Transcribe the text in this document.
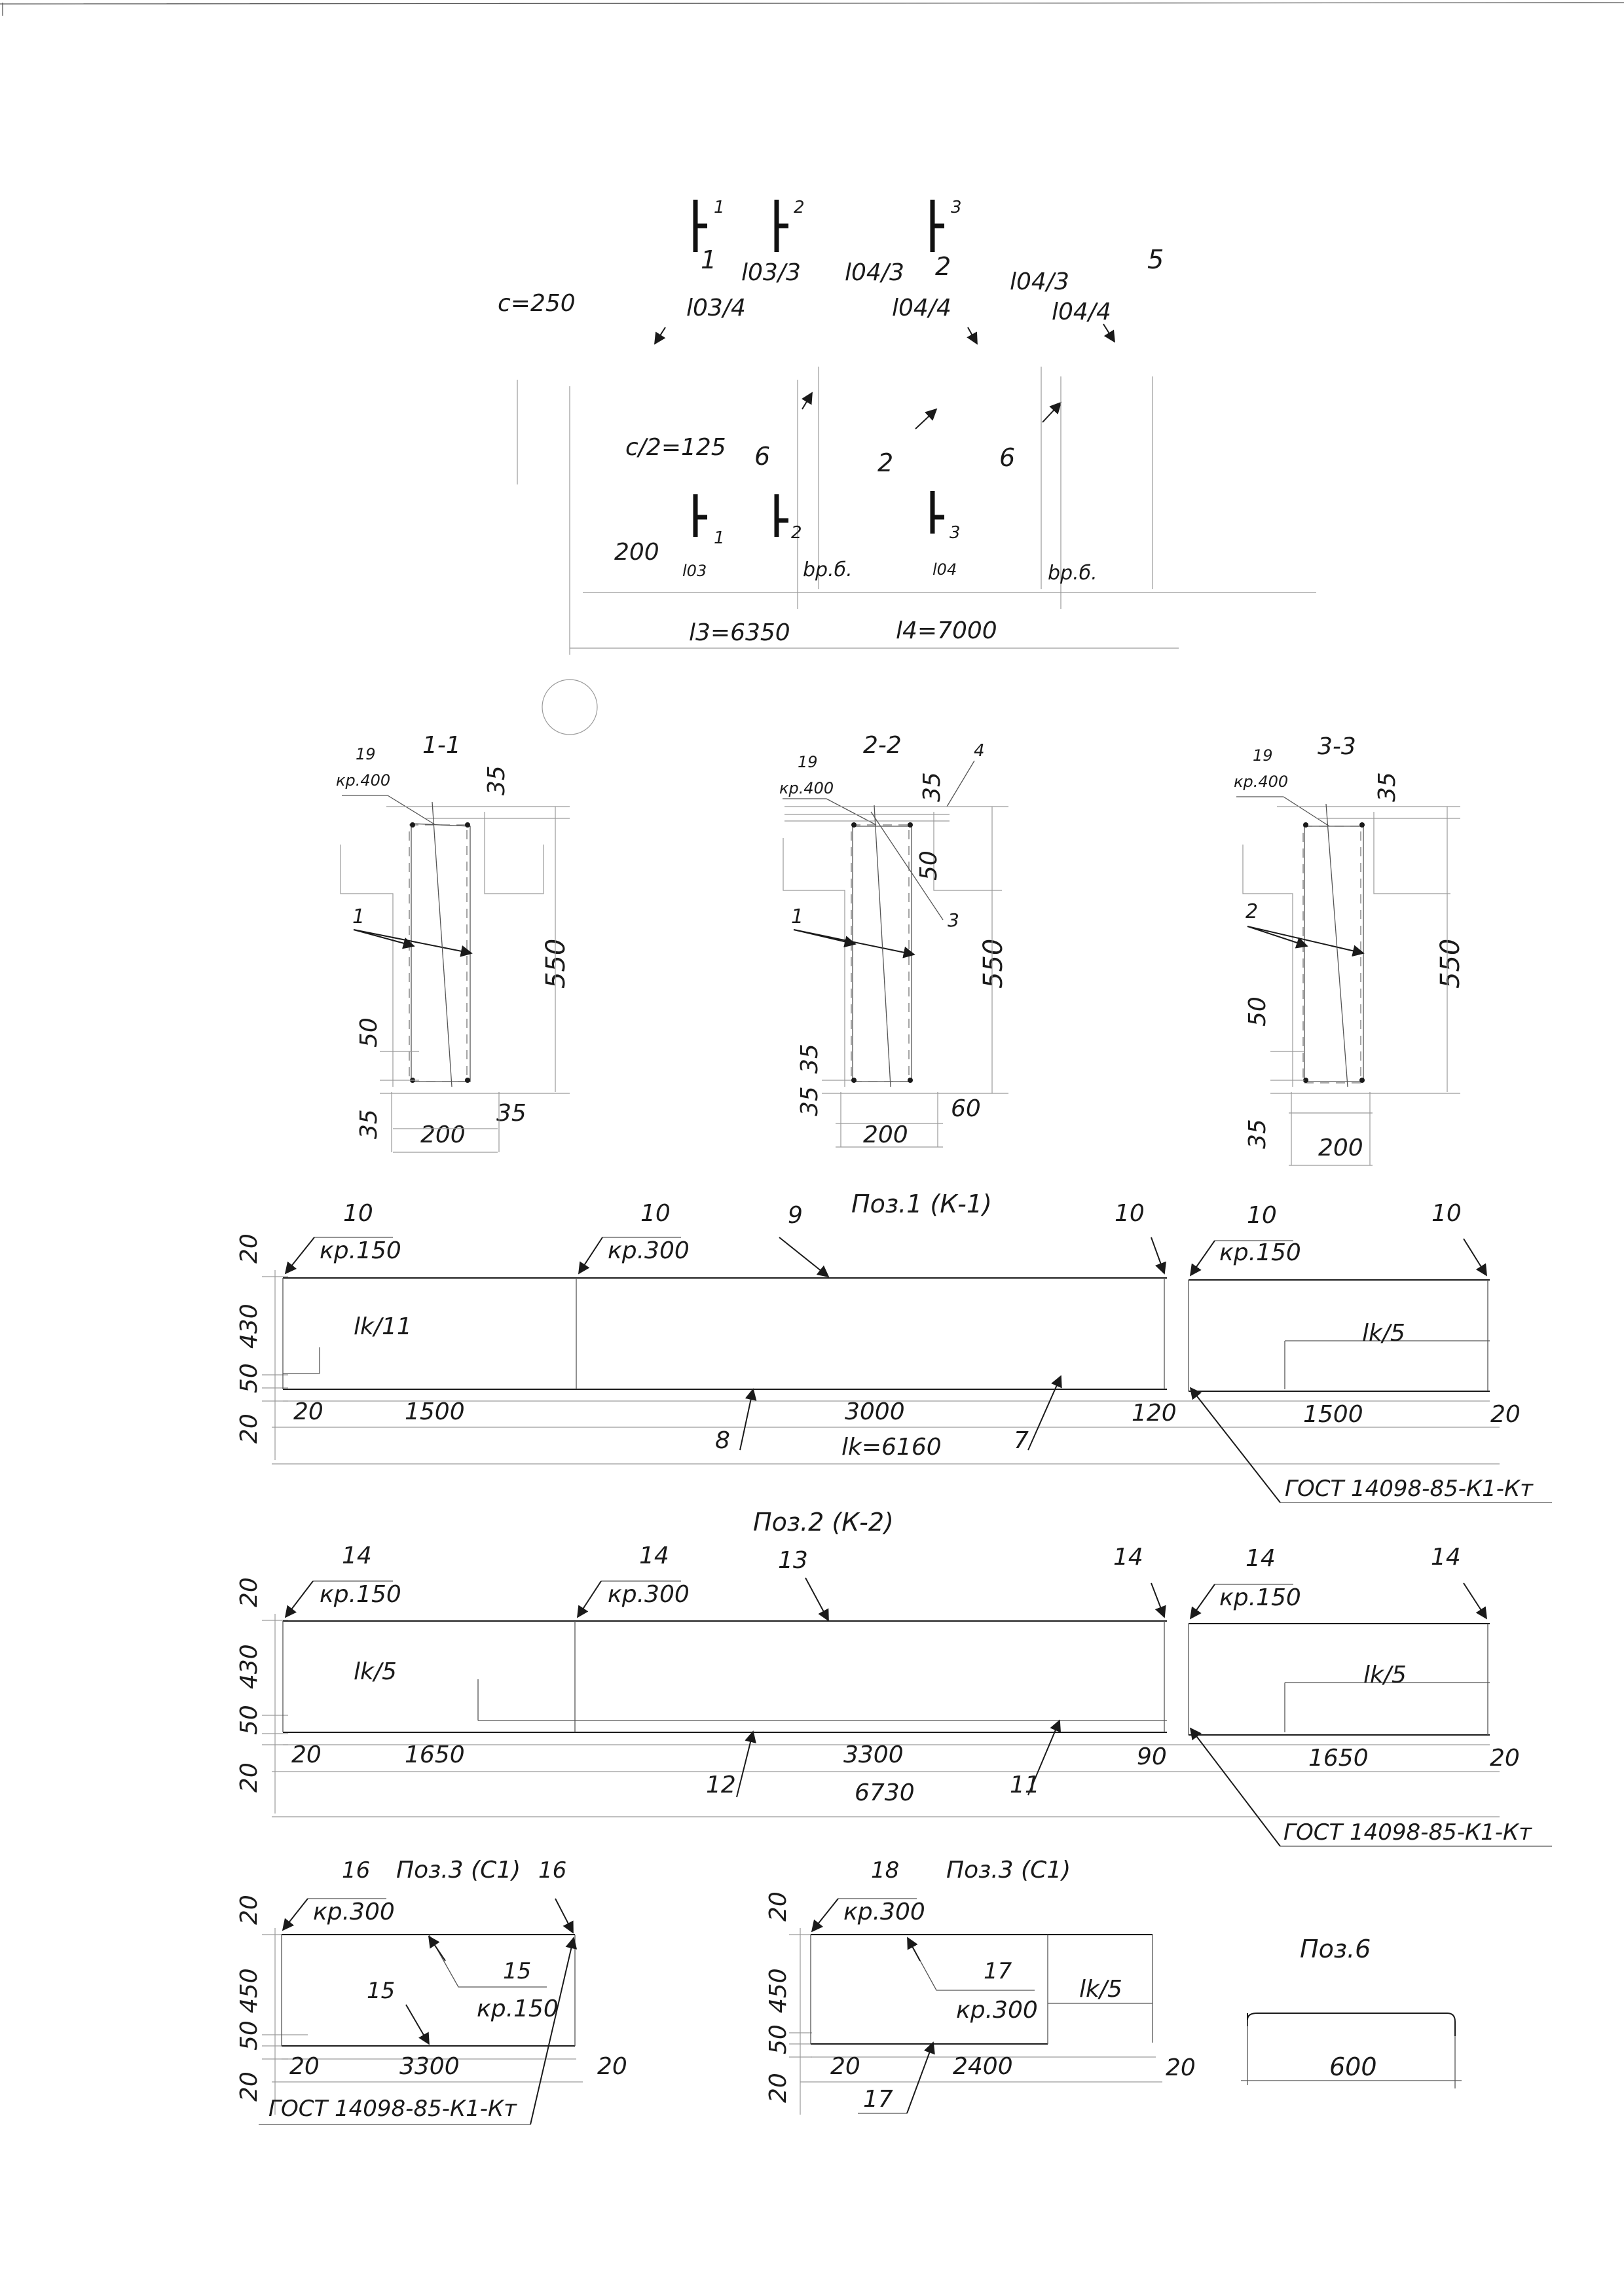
1	2	3
1	2
l03/3 l04/3	l04/3
5
c=250	l03/4	l04/4	l04/4
c/2=125 6	2	6
1	2	3
200
l03	l04
bр.б.	bр.б.
l3=6350	l4=7000
1-1
19
кр.400	35
1
550
50
35 200
35
2-2
19
кр.400	35
4
50
3
1
550
35
35
200
60
3-3
19
кр.400	35
2
550
50
35 200
Поз.1 (К-1)
20
430
50
20
10
кр.150
10
кр.300
9	10	10
кр.150
10
lk/11	lk/5
20	1500	3000	120	1500	20
8	lk=6160	7
ГОСТ 14098-85-К1-Кт
Поз.2 (К-2)
20
430
50
20
14
кр.150
14
кр.300
13	14	14
кр.150
14
lk/5	lk/5
20	1650	3300	90	1650	20
12	6730	11
ГОСТ 14098-85-К1-Кт
16 Поз.3 (С1) 16
кр.300
20
450
50
20
15
кр.150
15
20	3300	20
ГОСТ 14098-85-К1-Кт
18 Поз.3 (С1)
кр.300
20
450
50
20
17
кр.300
lk/5
20	2400	20
17
Поз.6
600
